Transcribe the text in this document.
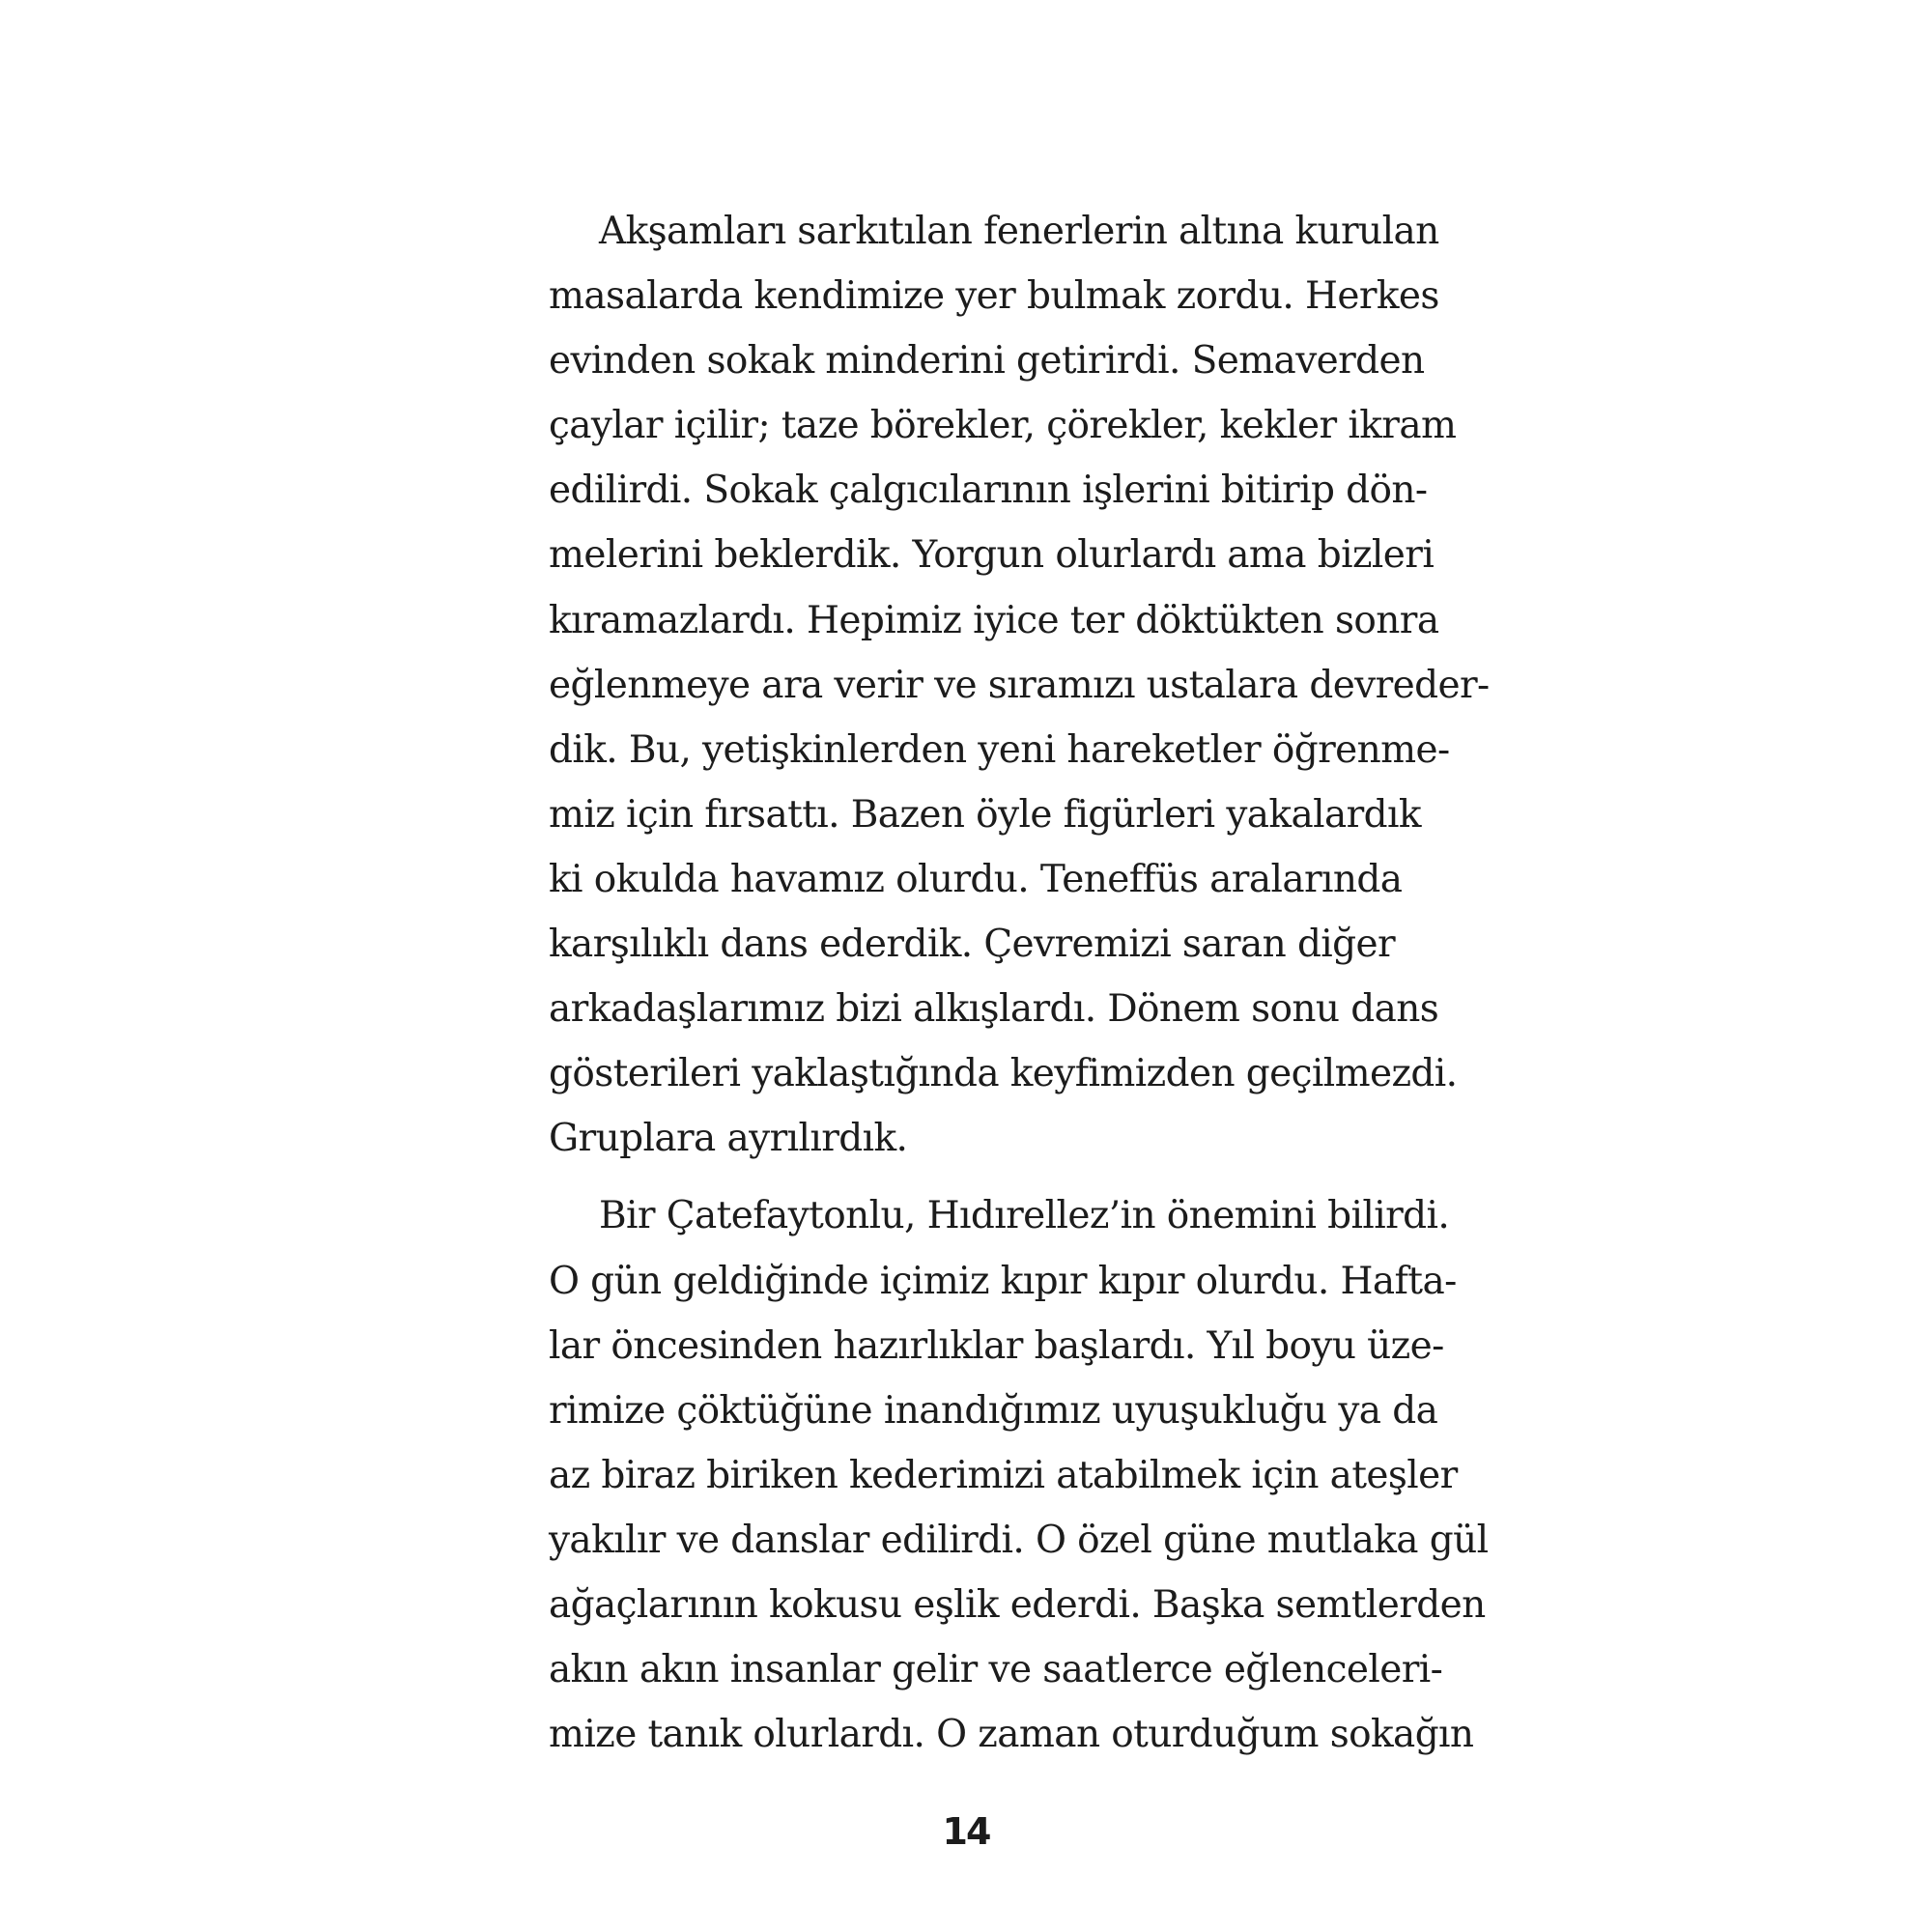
Akşamları sarkıtılan fenerlerin altına kurulan
masalarda kendimize yer bulmak zordu. Herkes
evinden sokak minderini getirirdi. Semaverden
çaylar içilir; taze börekler, çörekler, kekler ikram
edilirdi. Sokak çalgıcılarının işlerini bitirip dön-
melerini beklerdik. Yorgun olurlardı ama bizleri
kıramazlardı. Hepimiz iyice ter döktükten sonra
eğlenmeye ara verir ve sıramızı ustalara devreder-
dik. Bu, yetişkinlerden yeni hareketler öğrenme-
miz için fırsattı. Bazen öyle figürleri yakalardık
ki okulda havamız olurdu. Teneffüs aralarında
karşılıklı dans ederdik. Çevremizi saran diğer
arkadaşlarımız bizi alkışlardı. Dönem sonu dans
gösterileri yaklaştığında keyfimizden geçilmezdi.
Gruplara ayrılırdık.
Bir Çatefaytonlu, Hıdırellez’in önemini bilirdi.
O gün geldiğinde içimiz kıpır kıpır olurdu. Hafta-
lar öncesinden hazırlıklar başlardı. Yıl boyu üze-
rimize çöktüğüne inandığımız uyuşukluğu ya da
az biraz biriken kederimizi atabilmek için ateşler
yakılır ve danslar edilirdi. O özel güne mutlaka gül
ağaçlarının kokusu eşlik ederdi. Başka semtlerden
akın akın insanlar gelir ve saatlerce eğlenceleri-
mize tanık olurlardı. O zaman oturduğum sokağın
14
